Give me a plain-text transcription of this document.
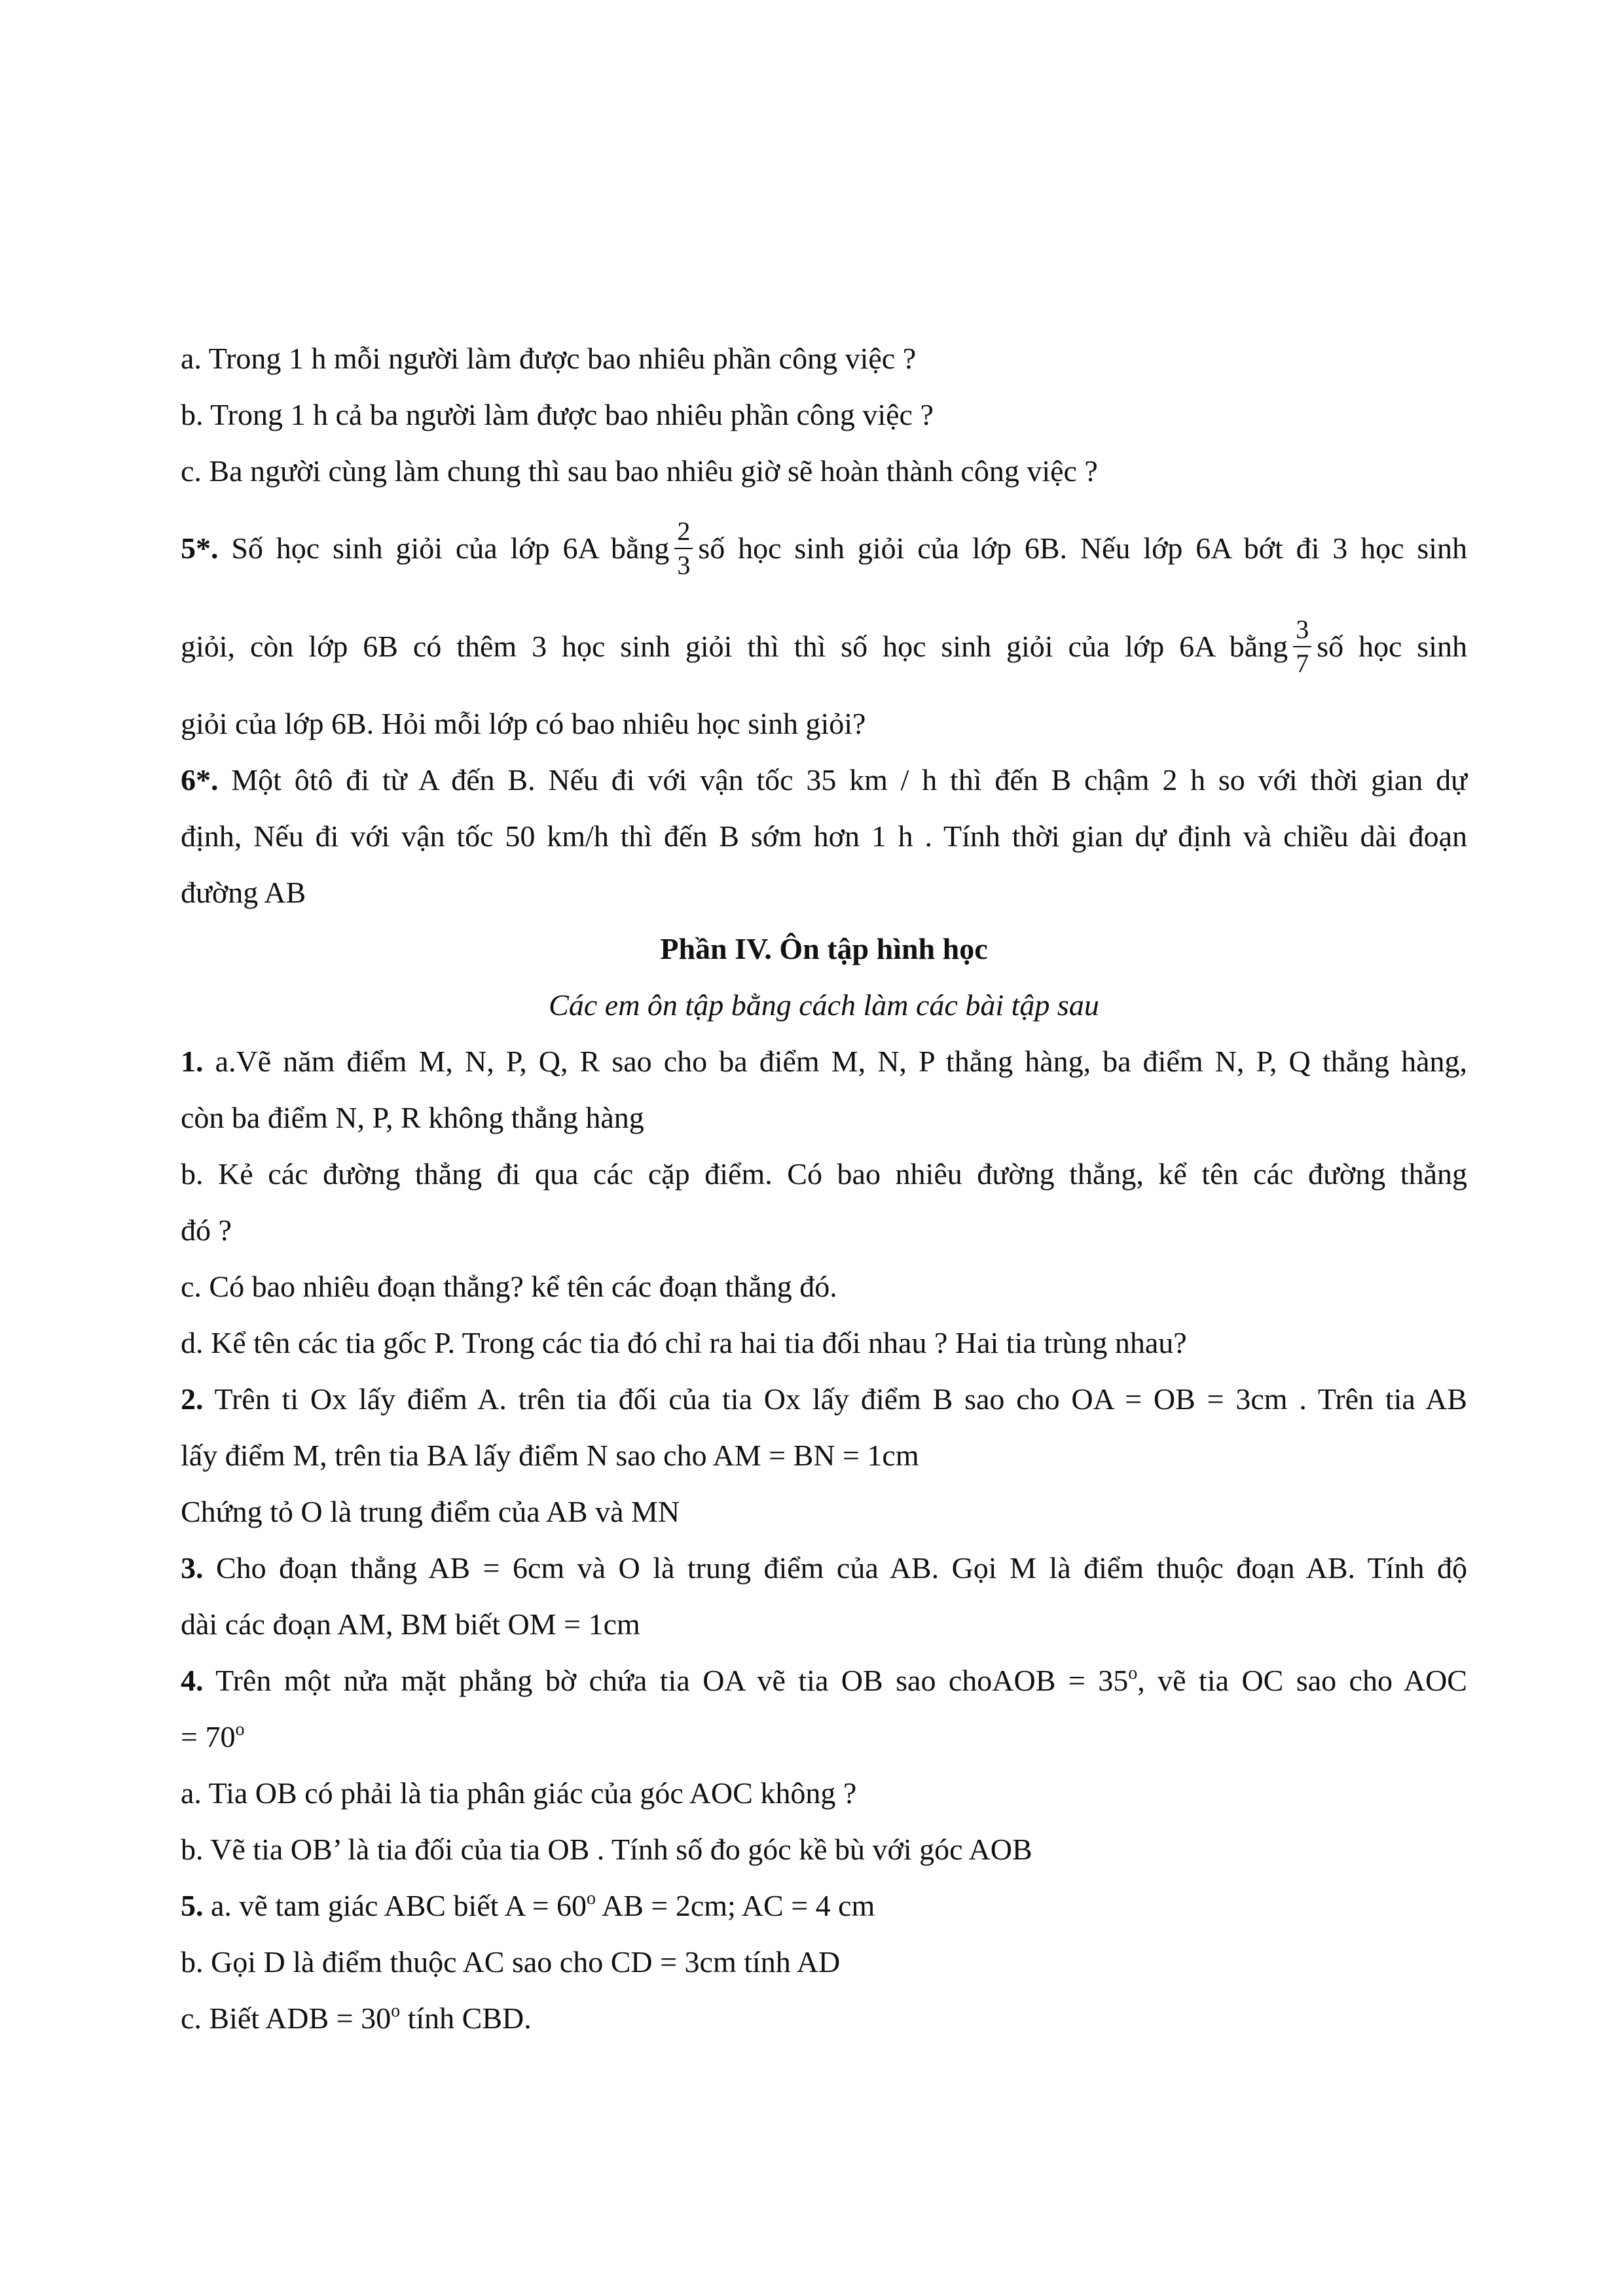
a. Trong 1 h mỗi người làm được bao nhiêu phần công việc ?

b. Trong 1 h cả ba người làm được bao nhiêu phần công việc ?

c. Ba người cùng làm chung thì sau bao nhiêu giờ sẽ hoàn thành công việc ?

5*. Số học sinh giỏi của lớp 6A bằng $\frac{2}{3}$ số học sinh giỏi của lớp 6B. Nếu lớp 6A bớt đi 3 học sinh

giỏi, còn lớp 6B có thêm 3 học sinh giỏi thì thì số học sinh giỏi của lớp 6A bằng $\frac{3}{7}$ số học sinh

giỏi của lớp 6B. Hỏi mỗi lớp có bao nhiêu học sinh giỏi?

6*. Một ôtô đi từ A đến B. Nếu đi với vận tốc 35 km / h thì đến B chậm 2 h so với thời gian dự

định, Nếu đi với vận tốc 50 km/h thì đến B sớm hơn 1 h . Tính thời gian dự định và chiều dài đoạn

đường AB

Phần IV. Ôn tập hình học

Các em ôn tập bằng cách làm các bài tập sau

1. a.Vẽ năm điểm M, N, P, Q, R sao cho ba điểm M, N, P thẳng hàng, ba điểm N, P, Q thẳng hàng,

còn ba điểm N, P, R không thẳng hàng

b. Kẻ các đường thẳng đi qua các cặp điểm. Có bao nhiêu đường thẳng, kể tên các đường thẳng

đó ?

c. Có bao nhiêu đoạn thẳng? kể tên các đoạn thẳng đó.

d. Kể tên các tia gốc P. Trong các tia đó chỉ ra hai tia đối nhau ? Hai tia trùng nhau?

2. Trên ti Ox lấy điểm A. trên tia đối của tia Ox lấy điểm B sao cho OA = OB = 3cm . Trên tia AB

lấy điểm M, trên tia BA lấy điểm N sao cho AM = BN = 1cm

Chứng tỏ O là trung điểm của AB và MN

3. Cho đoạn thẳng AB = 6cm và O là trung điểm của AB. Gọi M là điểm thuộc đoạn AB. Tính độ

dài các đoạn AM, BM biết OM = 1cm

4. Trên một nửa mặt phẳng bờ chứa tia OA vẽ tia OB sao choAOB = $35^o$, vẽ tia OC sao cho AOC

= $70^o$

a. Tia OB có phải là tia phân giác của góc AOC không ?

b. Vẽ tia OB’ là tia đối của tia OB . Tính số đo góc kề bù với góc AOB

5. a. vẽ tam giác ABC biết $A = 60^o$ AB = 2cm; AC = 4 cm

b. Gọi D là điểm thuộc AC sao cho CD = 3cm tính AD

c. Biết ADB = $30^o$ tính CBD.
